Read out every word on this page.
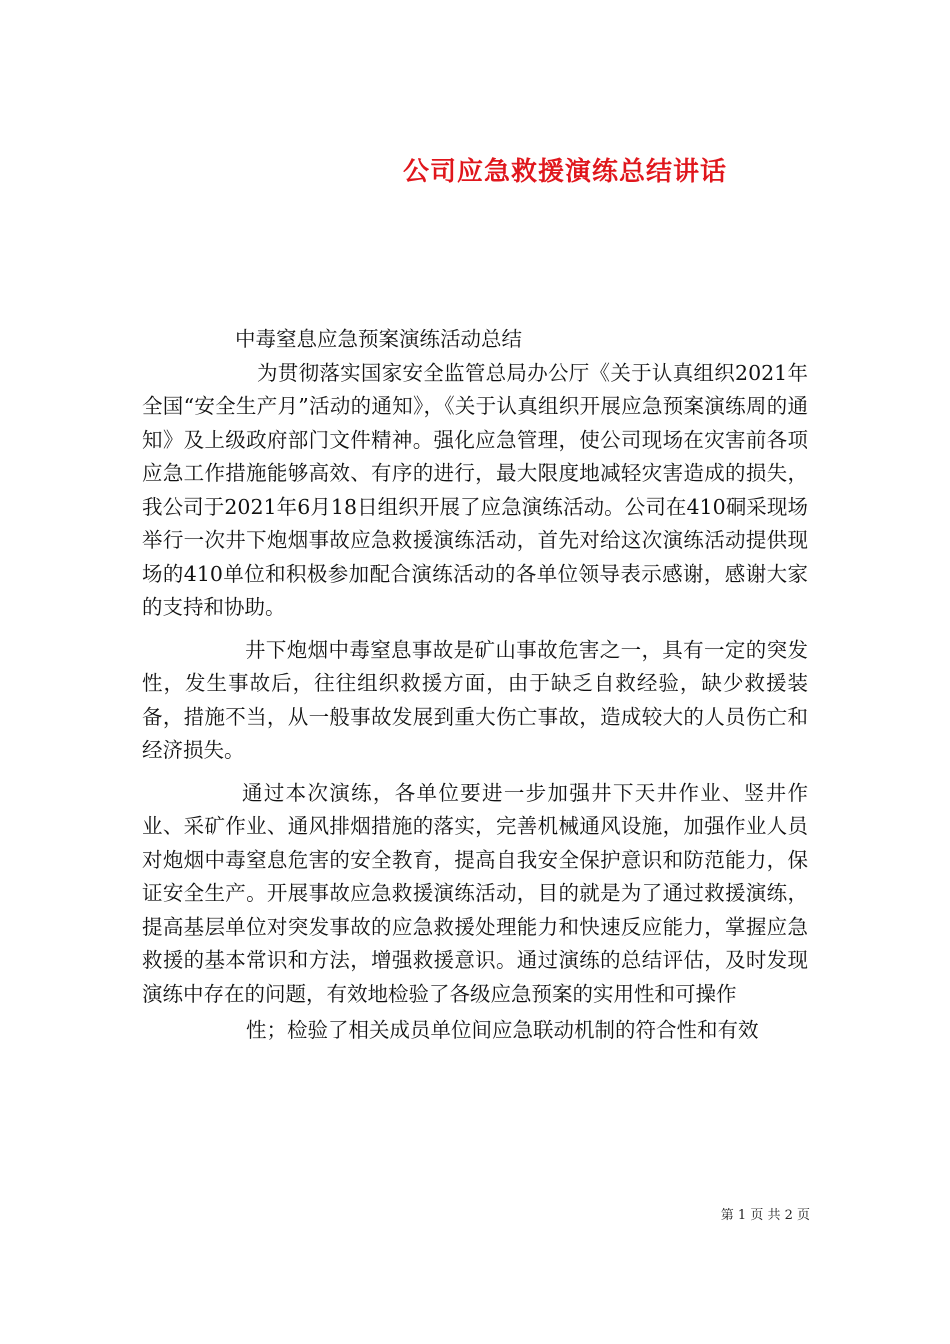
公司应急救援演练总结讲话

中毒窒息应急预案演练活动总结

为贯彻落实国家安全监管总局办公厅《关于认真组织2021年全国“安全生产月”活动的通知》，《关于认真组织开展应急预案演练周的通知》及上级政府部门文件精神。强化应急管理，使公司现场在灾害前各项应急工作措施能够高效、有序的进行，最大限度地减轻灾害造成的损失，我公司于2021年6月18日组织开展了应急演练活动。公司在410硐采现场举行一次井下炮烟事故应急救援演练活动，首先对给这次演练活动提供现场的410单位和积极参加配合演练活动的各单位领导表示感谢，感谢大家的支持和协助。

井下炮烟中毒窒息事故是矿山事故危害之一，具有一定的突发性，发生事故后，往往组织救援方面，由于缺乏自救经验，缺少救援装备，措施不当，从一般事故发展到重大伤亡事故，造成较大的人员伤亡和经济损失。

通过本次演练，各单位要进一步加强井下天井作业、竖井作业、采矿作业、通风排烟措施的落实，完善机械通风设施，加强作业人员对炮烟中毒窒息危害的安全教育，提高自我安全保护意识和防范能力，保证安全生产。开展事故应急救援演练活动，目的就是为了通过救援演练，提高基层单位对突发事故的应急救援处理能力和快速反应能力，掌握应急救援的基本常识和方法，增强救援意识。通过演练的总结评估，及时发现演练中存在的问题，有效地检验了各级应急预案的实用性和可操作

性；检验了相关成员单位间应急联动机制的符合性和有效

第 1 页 共 2 页
